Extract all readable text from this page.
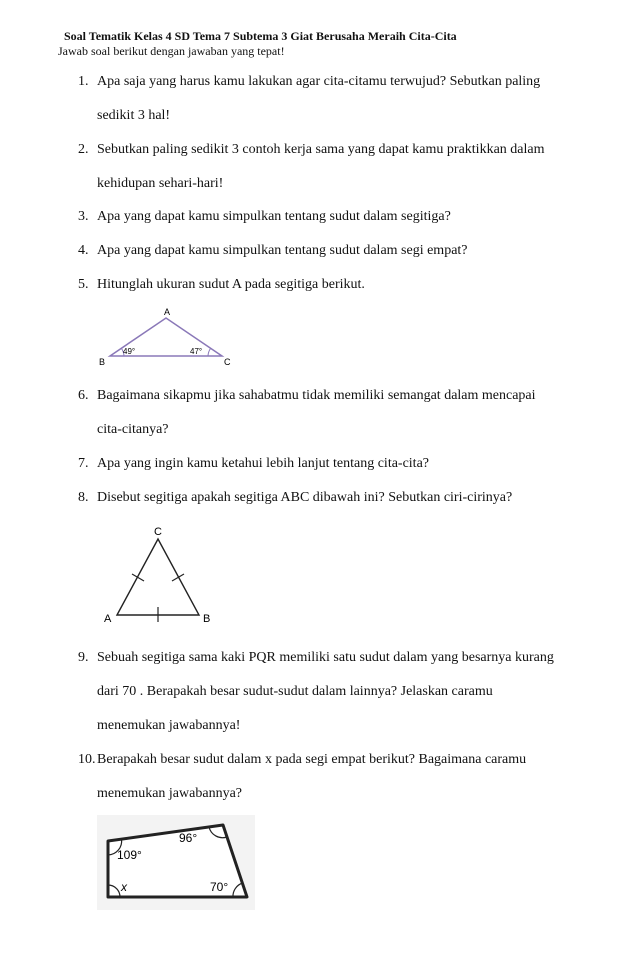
Soal Tematik Kelas 4 SD Tema 7 Subtema 3 Giat Berusaha Meraih Cita-Cita
Jawab soal berikut dengan jawaban yang tepat!
1. Apa saja yang harus kamu lakukan agar cita-citamu terwujud? Sebutkan paling
sedikit 3 hal!
2. Sebutkan paling sedikit 3 contoh kerja sama yang dapat kamu praktikkan dalam
kehidupan sehari-hari!
3. Apa yang dapat kamu simpulkan tentang sudut dalam segitiga?
4. Apa yang dapat kamu simpulkan tentang sudut dalam segi empat?
5. Hitunglah ukuran sudut A pada segitiga berikut.
A
B	C
49°	47°
6. Bagaimana sikapmu jika sahabatmu tidak memiliki semangat dalam mencapai
cita-citanya?
7. Apa yang ingin kamu ketahui lebih lanjut tentang cita-cita?
8. Disebut segitiga apakah segitiga ABC dibawah ini? Sebutkan ciri-cirinya?
C
A	B
9. Sebuah segitiga sama kaki PQR memiliki satu sudut dalam yang besarnya kurang
dari 70 . Berapakah besar sudut-sudut dalam lainnya? Jelaskan caramu
menemukan jawabannya!
10. Berapakah besar sudut dalam x pada segi empat berikut? Bagaimana caramu
menemukan jawabannya?
109°
96°
x	70°
